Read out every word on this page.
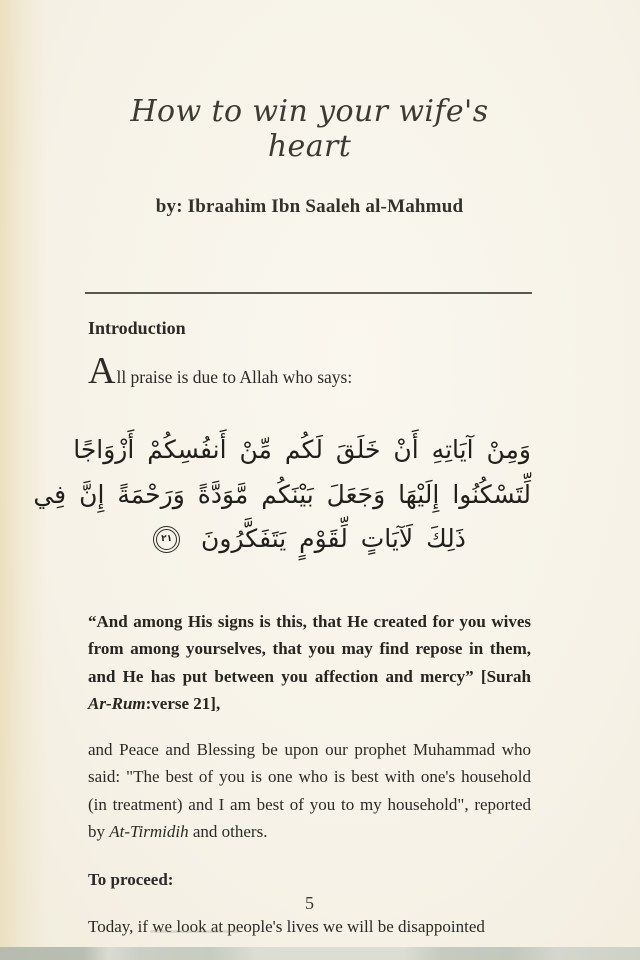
How to win your wife's heart
by: Ibraahim Ibn Saaleh al-Mahmud
Introduction
All praise is due to Allah who says:
وَمِنْ آيَاتِهِ أَنْ خَلَقَ لَكُم مِّنْ أَنفُسِكُمْ أَزْوَاجًا
لِّتَسْكُنُوا إِلَيْهَا وَجَعَلَ بَيْنَكُم مَّوَدَّةً وَرَحْمَةً إِنَّ فِي
ذَلِكَ لَآيَاتٍ لِّقَوْمٍ يَتَفَكَّرُونَ
٢١

“And among His signs is this, that He created for you wives from among yourselves, that you may find repose in them, and He has put between you affection and mercy” [Surah Ar-Rum:verse 21],

and Peace and Blessing be upon our prophet Muhammad who said: "The best of you is one who is best with one's household (in treatment) and I am best of you to my household", reported by At-Tirmidih and others.

To proceed:

Today, if we look at people's lives we will be disappointed

5
